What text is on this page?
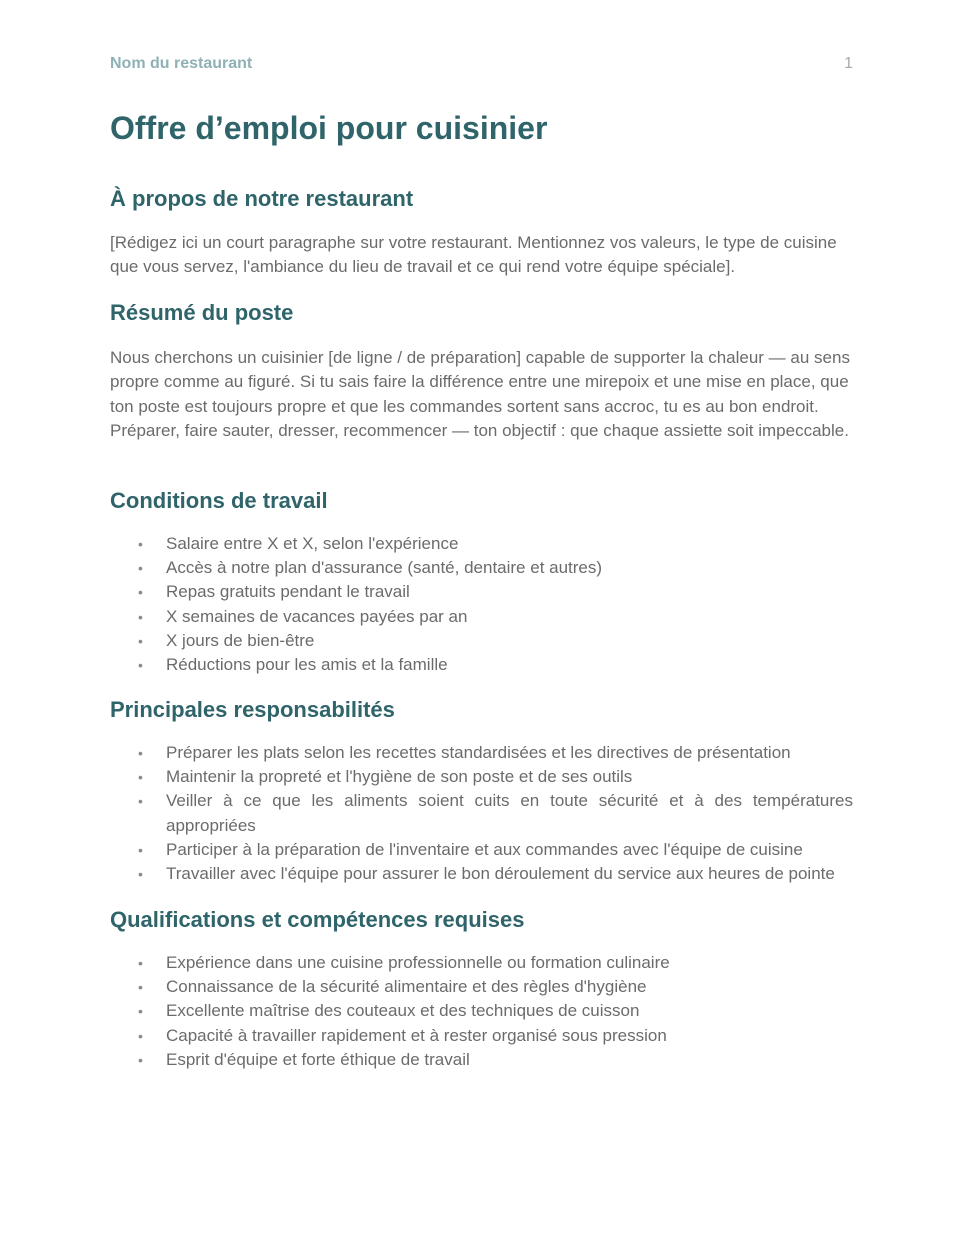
Nom du restaurant	1
Offre d’emploi pour cuisinier
À propos de notre restaurant

[Rédigez ici un court paragraphe sur votre restaurant. Mentionnez vos valeurs, le type de cuisine que vous servez, l'ambiance du lieu de travail et ce qui rend votre équipe spéciale].

Résumé du poste

Nous cherchons un cuisinier [de ligne / de préparation] capable de supporter la chaleur — au sens propre comme au figuré. Si tu sais faire la différence entre une mirepoix et une mise en place, que ton poste est toujours propre et que les commandes sortent sans accroc, tu es au bon endroit. Préparer, faire sauter, dresser, recommencer — ton objectif : que chaque assiette soit impeccable.

Conditions de travail
• Salaire entre X et X, selon l'expérience
• Accès à notre plan d'assurance (santé, dentaire et autres)
• Repas gratuits pendant le travail
• X semaines de vacances payées par an
• X jours de bien-être
• Réductions pour les amis et la famille
Principales responsabilités
• Préparer les plats selon les recettes standardisées et les directives de présentation
• Maintenir la propreté et l'hygiène de son poste et de ses outils
• Veiller à ce que les aliments soient cuits en toute sécurité et à des températures appropriées
• Participer à la préparation de l'inventaire et aux commandes avec l'équipe de cuisine
• Travailler avec l'équipe pour assurer le bon déroulement du service aux heures de pointe
Qualifications et compétences requises
• Expérience dans une cuisine professionnelle ou formation culinaire
• Connaissance de la sécurité alimentaire et des règles d'hygiène
• Excellente maîtrise des couteaux et des techniques de cuisson
• Capacité à travailler rapidement et à rester organisé sous pression
• Esprit d'équipe et forte éthique de travail
